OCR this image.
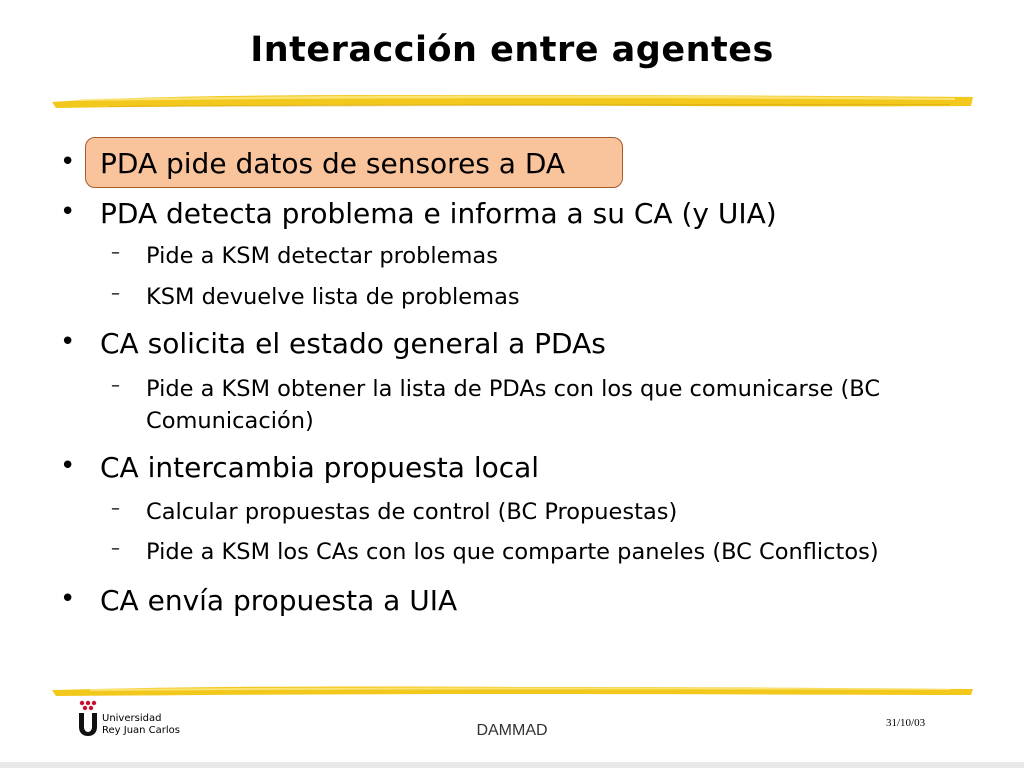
Interacción entre agentes
• PDA pide datos de sensores a DA
• PDA detecta problema e informa a su CA (y UIA)
– Pide a KSM detectar problemas
– KSM devuelve lista de problemas
• CA solicita el estado general a PDAs
– Pide a KSM obtener la lista de PDAs con los que comunicarse (BC
Comunicación)
• CA intercambia propuesta local
– Calcular propuestas de control (BC Propuestas)
– Pide a KSM los CAs con los que comparte paneles (BC Conflictos)
• CA envía propuesta a UIA
Universidad
Rey Juan Carlos	DAMMAD	31/10/03
